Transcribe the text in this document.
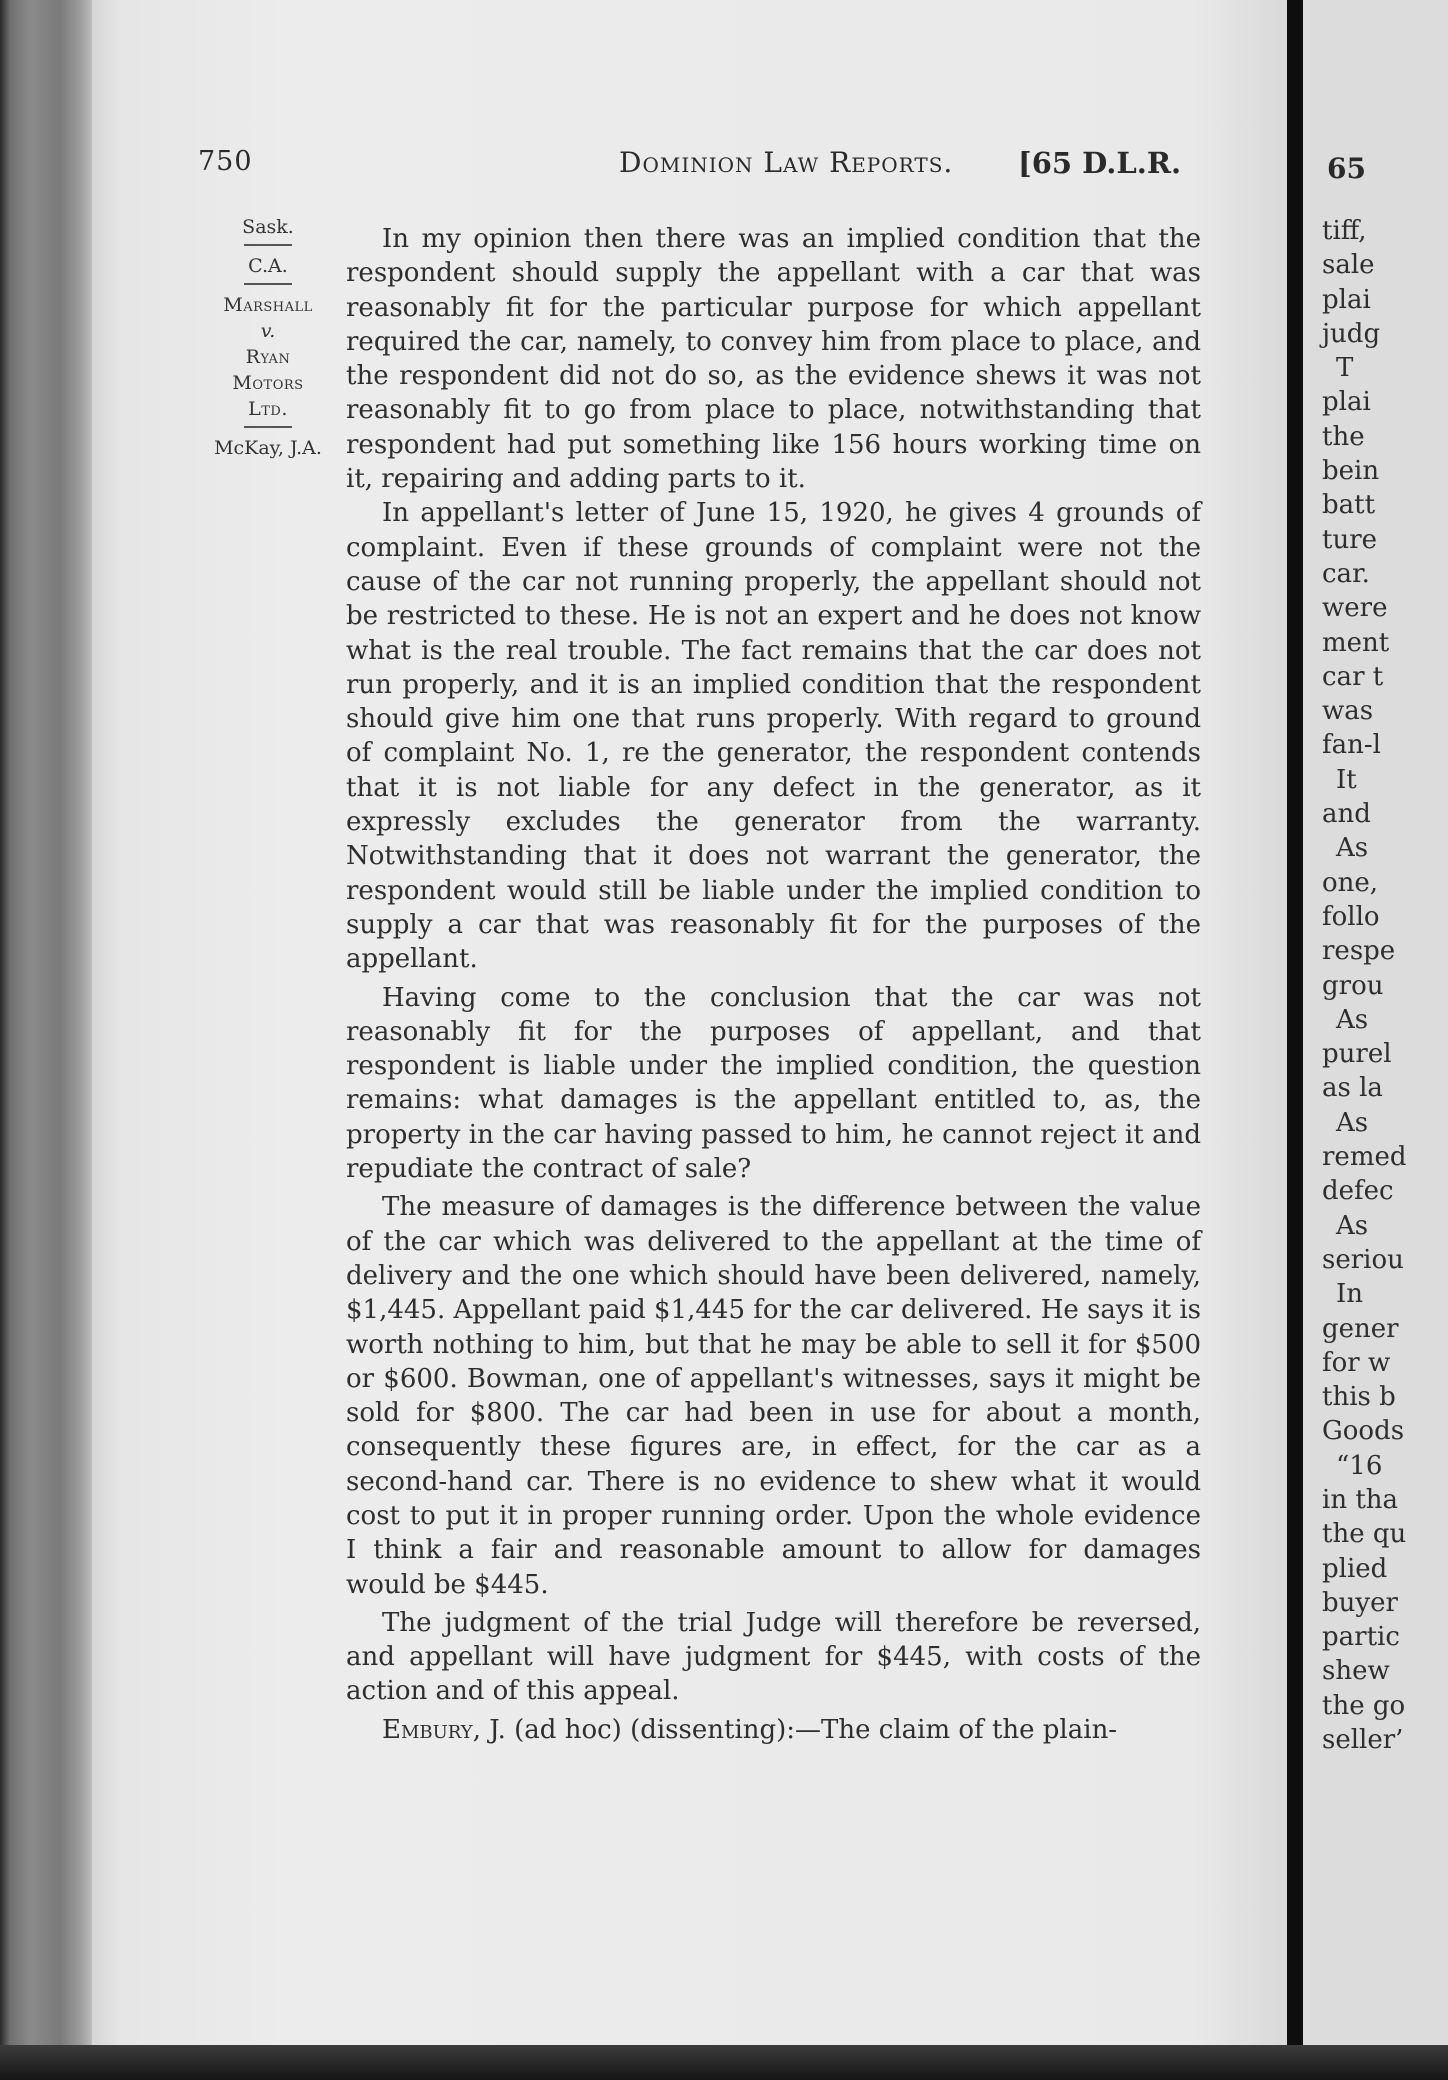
750	Dominion Law Reports. [65 D.L.R.
Sask.
C.A.
Marshall
v.
Ryan
Motors
Ltd.
McKay, J.A.

In my opinion then there was an implied condition that the respondent should supply the appellant with a car that was reasonably fit for the particular purpose for which appellant required the car, namely, to convey him from place to place, and the respondent did not do so, as the evidence shews it was not reasonably fit to go from place to place, notwithstanding that respondent had put something like 156 hours working time on it, repairing and adding parts to it.

In appellant's letter of June 15, 1920, he gives 4 grounds of complaint. Even if these grounds of complaint were not the cause of the car not running properly, the appellant should not be restricted to these. He is not an expert and he does not know what is the real trouble. The fact remains that the car does not run properly, and it is an implied condition that the respondent should give him one that runs properly. With regard to ground of complaint No. 1, re the generator, the respondent contends that it is not liable for any defect in the generator, as it expressly excludes the generator from the warranty. Notwithstanding that it does not warrant the generator, the respondent would still be liable under the implied condition to supply a car that was reasonably fit for the purposes of the appellant.

Having come to the conclusion that the car was not reasonably fit for the purposes of appellant, and that respondent is liable under the implied condition, the question remains: what damages is the appellant entitled to, as, the property in the car having passed to him, he cannot reject it and repudiate the contract of sale?

The measure of damages is the difference between the value of the car which was delivered to the appellant at the time of delivery and the one which should have been delivered, namely, $1,445. Appellant paid $1,445 for the car delivered. He says it is worth nothing to him, but that he may be able to sell it for $500 or $600. Bowman, one of appellant's witnesses, says it might be sold for $800. The car had been in use for about a month, consequently these figures are, in effect, for the car as a second-hand car. There is no evidence to shew what it would cost to put it in proper running order. Upon the whole evidence I think a fair and reasonable amount to allow for damages would be $445.

The judgment of the trial Judge will therefore be reversed, and appellant will have judgment for $445, with costs of the action and of this appeal.

Embury, J. (ad hoc) (dissenting):—The claim of the plain-

65
tiff,
sale
plai
judg
T
plai
the
bein
batt
ture
car.
were
ment
car t
was
fan-l
It
and
As
one,
follo
respe
grou
As
purel
as la
As
remed
defec
As
seriou
In
gener
for w
this b
Goods
“16
in tha
the qu
plied
buyer
partic
shew
the go
seller’
